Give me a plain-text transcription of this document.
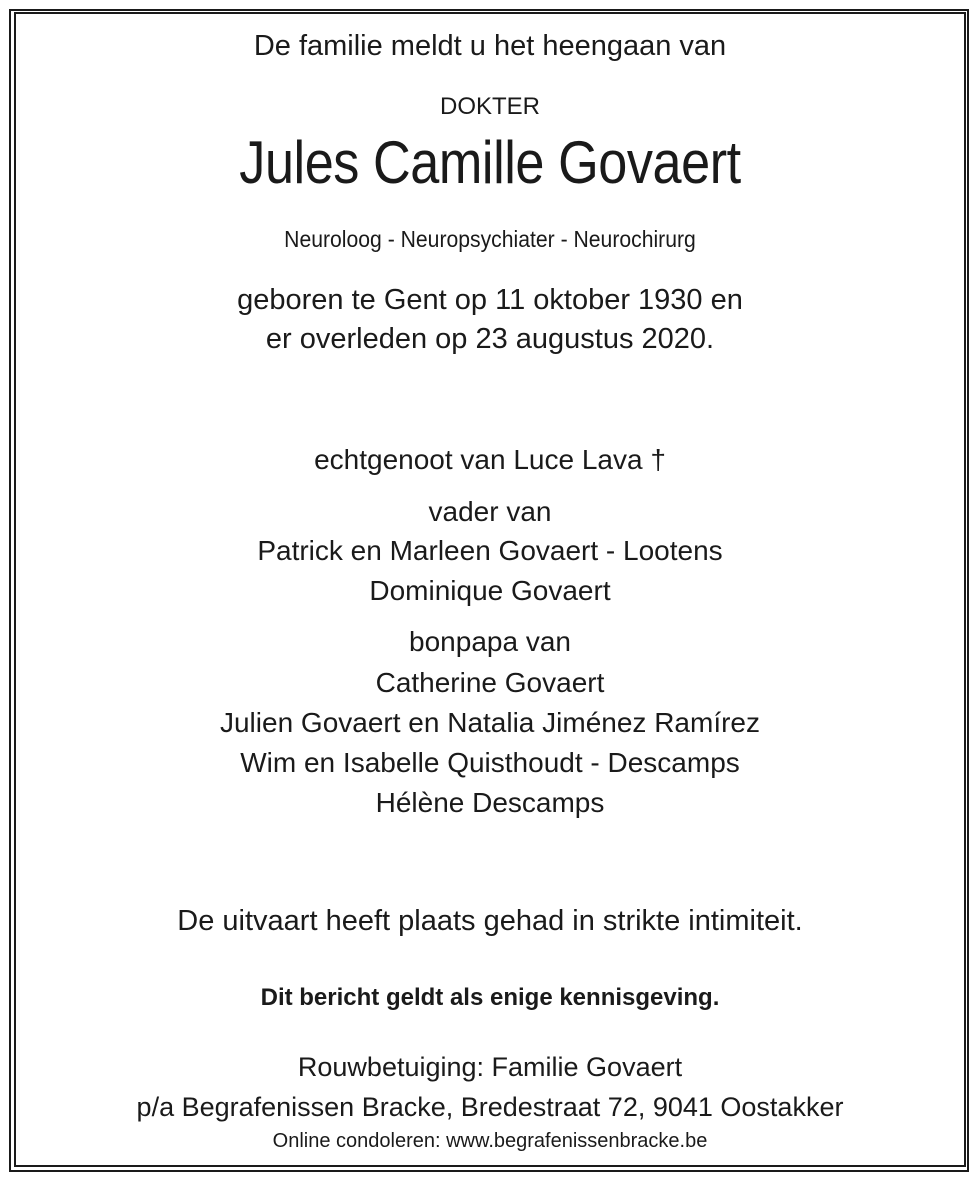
De familie meldt u het heengaan van
DOKTER
Jules Camille Govaert
Neuroloog - Neuropsychiater - Neurochirurg
geboren te Gent op 11 oktober 1930 en
er overleden op 23 augustus 2020.
echtgenoot van Luce Lava †
vader van
Patrick en Marleen Govaert - Lootens
Dominique Govaert
bonpapa van
Catherine Govaert
Julien Govaert en Natalia Jiménez Ramírez
Wim en Isabelle Quisthoudt - Descamps
Hélène Descamps
De uitvaart heeft plaats gehad in strikte intimiteit.
Dit bericht geldt als enige kennisgeving.
Rouwbetuiging: Familie Govaert
p/a Begrafenissen Bracke, Bredestraat 72, 9041 Oostakker
Online condoleren: www.begrafenissenbracke.be
